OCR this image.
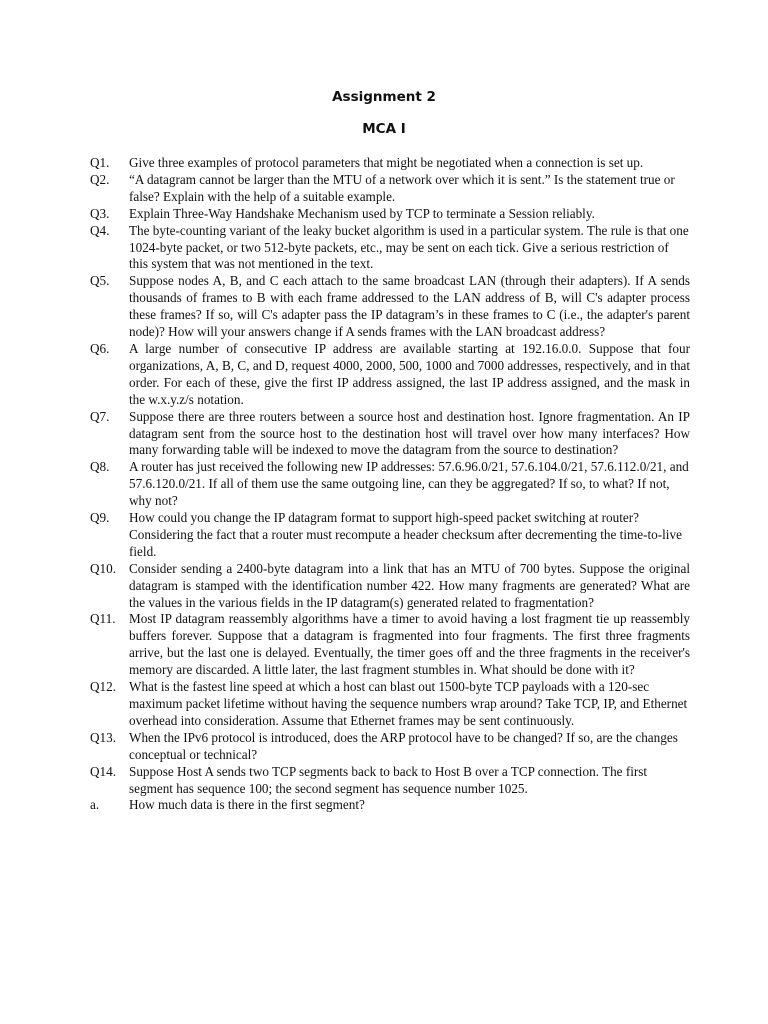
Assignment 2
MCA I
Q1.	Give three examples of protocol parameters that might be negotiated when a connection is set up.
Q2.	“A datagram cannot be larger than the MTU of a network over which it is sent.” Is the statement true or false? Explain with the help of a suitable example.
Q3.	Explain Three-Way Handshake Mechanism used by TCP to terminate a Session reliably.
Q4.	The byte-counting variant of the leaky bucket algorithm is used in a particular system. The rule is that one 1024-byte packet, or two 512-byte packets, etc., may be sent on each tick. Give a serious restriction of this system that was not mentioned in the text.
Q5.	Suppose nodes A, B, and C each attach to the same broadcast LAN (through their adapters). If A sends thousands of frames to B with each frame addressed to the LAN address of B, will C's adapter process these frames? If so, will C's adapter pass the IP datagram’s in these frames to C (i.e., the adapter's parent node)? How will your answers change if A sends frames with the LAN broadcast address?
Q6.	A large number of consecutive IP address are available starting at 192.16.0.0. Suppose that four organizations, A, B, C, and D, request 4000, 2000, 500, 1000 and 7000 addresses, respectively, and in that order. For each of these, give the first IP address assigned, the last IP address assigned, and the mask in the w.x.y.z/s notation.
Q7.	Suppose there are three routers between a source host and destination host. Ignore fragmentation. An IP datagram sent from the source host to the destination host will travel over how many interfaces? How many forwarding table will be indexed to move the datagram from the source to destination?
Q8.	A router has just received the following new IP addresses: 57.6.96.0/21, 57.6.104.0/21, 57.6.112.0/21, and 57.6.120.0/21. If all of them use the same outgoing line, can they be aggregated? If so, to what? If not, why not?
Q9.	How could you change the IP datagram format to support high-speed packet switching at router? Considering the fact that a router must recompute a header checksum after decrementing the time-to-live field.
Q10. Consider sending a 2400-byte datagram into a link that has an MTU of 700 bytes. Suppose the original datagram is stamped with the identification number 422. How many fragments are generated? What are the values in the various fields in the IP datagram(s) generated related to fragmentation?
Q11.	Most IP datagram reassembly algorithms have a timer to avoid having a lost fragment tie up reassembly buffers forever. Suppose that a datagram is fragmented into four fragments. The first three fragments arrive, but the last one is delayed. Eventually, the timer goes off and the three fragments in the receiver's memory are discarded. A little later, the last fragment stumbles in. What should be done with it?
Q12. What is the fastest line speed at which a host can blast out 1500-byte TCP payloads with a 120-sec maximum packet lifetime without having the sequence numbers wrap around? Take TCP, IP, and Ethernet overhead into consideration. Assume that Ethernet frames may be sent continuously.
Q13. When the IPv6 protocol is introduced, does the ARP protocol have to be changed? If so, are the changes conceptual or technical?
Q14. Suppose Host A sends two TCP segments back to back to Host B over a TCP connection. The first segment has sequence 100; the second segment has sequence number 1025.
a.	How much data is there in the first segment?
